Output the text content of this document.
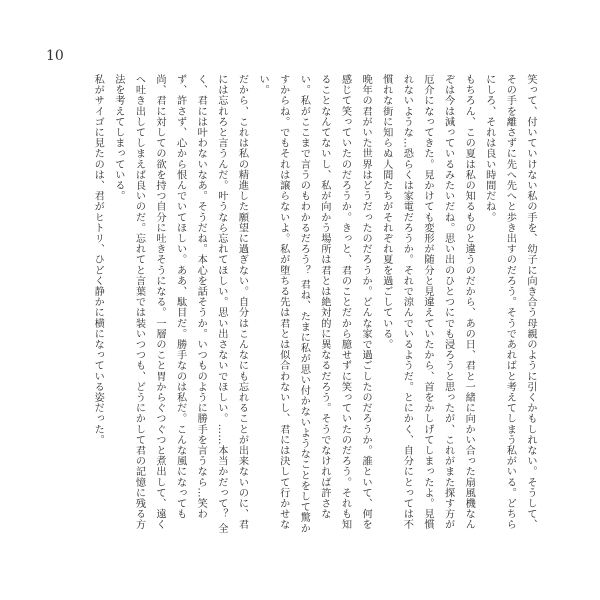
10

笑って、付いていけない私の手を、幼子に向き合う母親のように引くかもしれない。そうして、その手を離さずに先へ先へと歩き出すのだろう。そうであればと考えてしまう私がいる。どちらにしろ、それは良い時間だね。

もちろん、この夏は私の知るものと違うのだから、あの日、君と一緒に向かい合った扇風機なんぞは今は減っているみたいだね。思い出のひとつにでも浸ろうと思ったが、これがまた探す方が厄介になってきた。見かけても変形が随分と見違えていたから、首をかしげてしまったよ。見慣れないような…恐らくは家電だろうか。それで涼んでいるようだ。とにかく、自分にとっては不慣れな街に知らぬ人間たちがそれぞれ夏を過ごしている。

晩年の君がいた世界はどうだったのだろうか。どんな家で過ごしたのだろうか。誰といて、何を感じて笑っていたのだろうか。きっと、君のことだから臆せずに笑っていたのだろう。それも知ることなんてないし、私が向かう場所は君とは絶対的に異なるだろう。そうでなければ許さない。私がここまで言うのもわかるだろう？ 君ね、たまに私が思い付かないようなことをして驚かすからね。でもそれは譲らないよ。私が堕ちる先は君とは似合わないし、君には決して行かせない。

だから、これは私の精進した願望に過ぎない。自分はこんなにも忘れることが出来ないのに、君には忘れろと言うんだ。叶うなら忘れてほしい。思い出さないでほしい。……本当かだって？ 全く、君には叶わないなあ。そうだね。本心を話そうか。いつものように勝手を言うなら…笑わず、許さず、心から恨んでいてほしい。ああ、駄目だ。勝手なのは私だ。こんな風になっても尚、君に対しての欲を持つ自分に吐きそうになる。一層のこと胃からぐつぐつと煮出して、遠くへ吐き出してしまえば良いのだ。忘れてと言葉では装いつつも、どうにかして君の記憶に残る方法を考えてしまっている。

私がサイゴに見たのは、君がヒトリ、ひどく静かに横になっている姿だった。
